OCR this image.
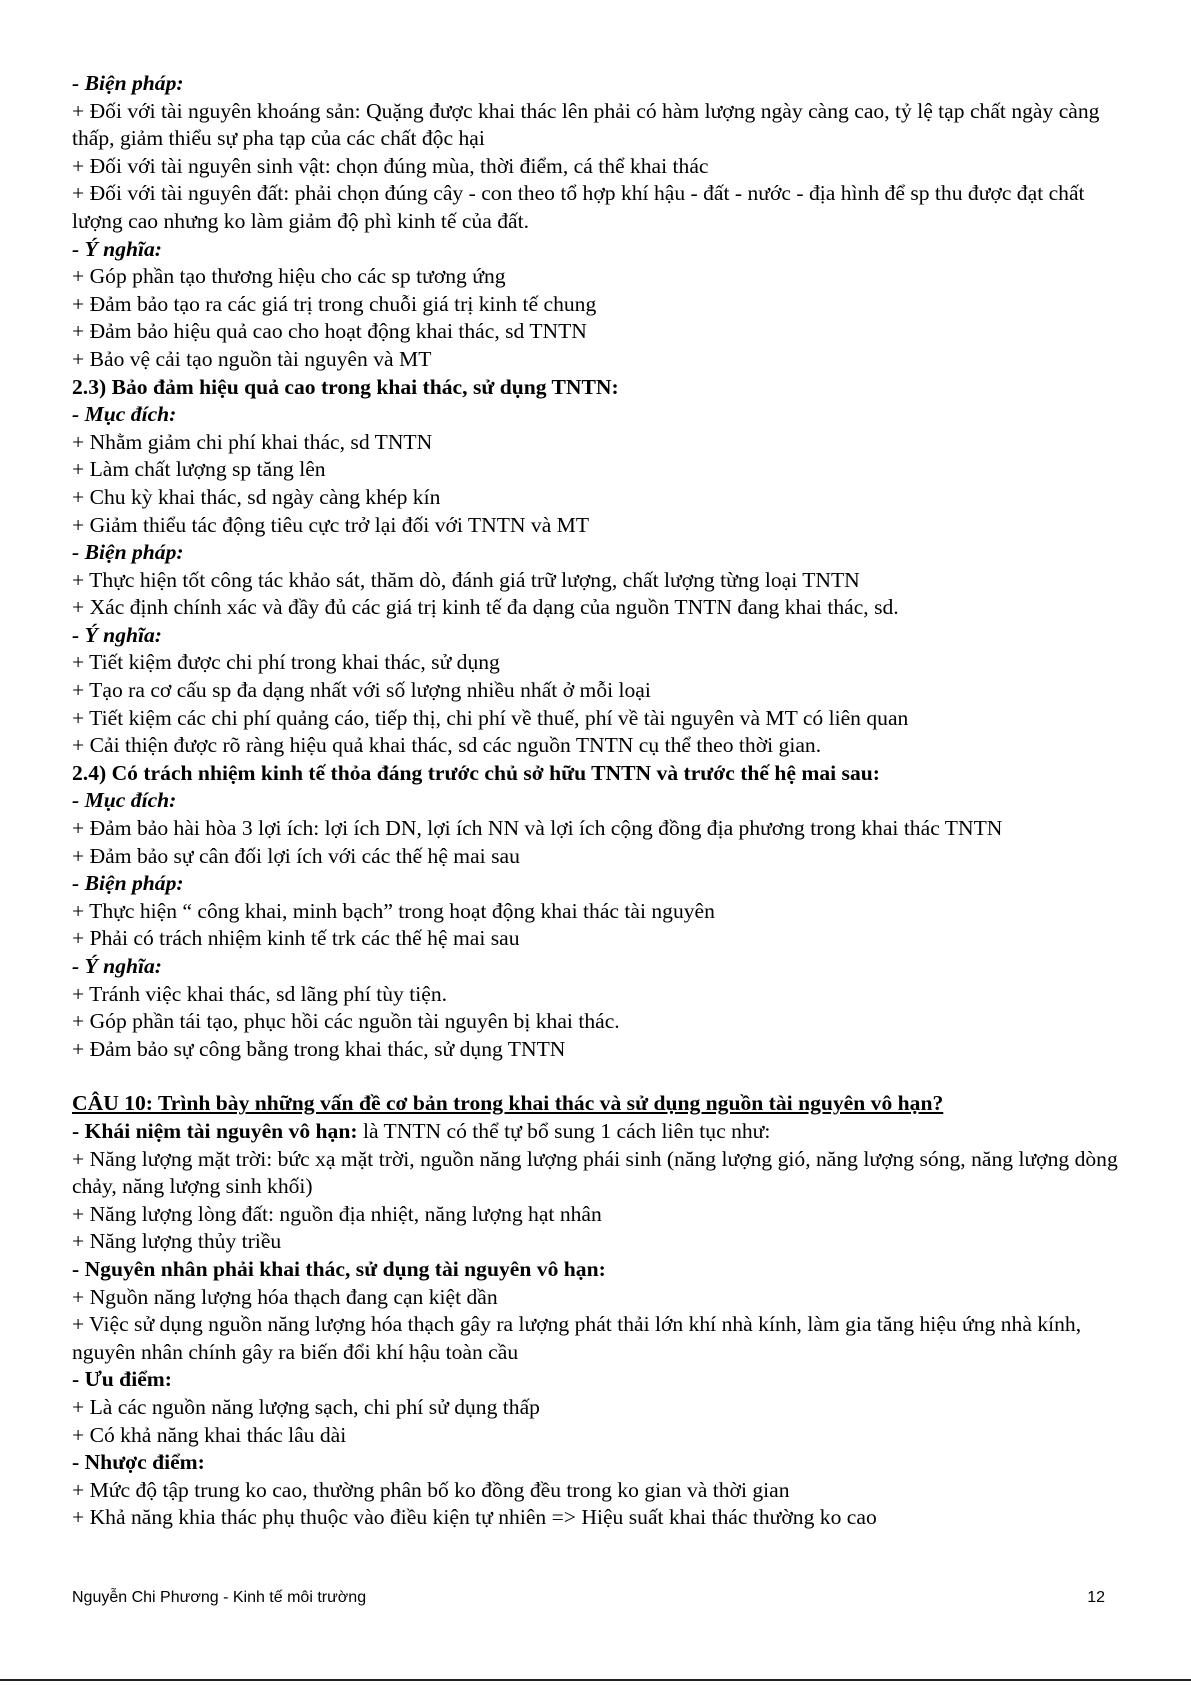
- Biện pháp:
+ Đối với tài nguyên khoáng sản: Quặng được khai thác lên phải có hàm lượng ngày càng cao, tỷ lệ tạp chất ngày càng thấp, giảm thiểu sự pha tạp của các chất độc hại
+ Đối với tài nguyên sinh vật: chọn đúng mùa, thời điểm, cá thể khai thác
+ Đối với tài nguyên đất: phải chọn đúng cây - con theo tổ hợp khí hậu - đất - nước - địa hình để sp thu được đạt chất lượng cao nhưng ko làm giảm độ phì kinh tế của đất.
- Ý nghĩa:
+ Góp phần tạo thương hiệu cho các sp tương ứng
+ Đảm bảo tạo ra các giá trị trong chuỗi giá trị kinh tế chung
+ Đảm bảo hiệu quả cao cho hoạt động khai thác, sd TNTN
+ Bảo vệ cải tạo nguồn tài nguyên và MT
2.3) Bảo đảm hiệu quả cao trong khai thác, sử dụng TNTN:
- Mục đích:
+ Nhằm giảm chi phí khai thác, sd TNTN
+ Làm chất lượng sp tăng lên
+ Chu kỳ khai thác, sd ngày càng khép kín
+ Giảm thiểu tác động tiêu cực trở lại đối với TNTN và MT
- Biện pháp:
+ Thực hiện tốt công tác khảo sát, thăm dò, đánh giá trữ lượng, chất lượng từng loại TNTN
+ Xác định chính xác và đầy đủ các giá trị kinh tế đa dạng của nguồn TNTN đang khai thác, sd.
- Ý nghĩa:
+ Tiết kiệm được chi phí trong khai thác, sử dụng
+ Tạo ra cơ cấu sp đa dạng nhất với số lượng nhiều nhất ở mỗi loại
+ Tiết kiệm các chi phí quảng cáo, tiếp thị, chi phí về thuế, phí về tài nguyên và MT có liên quan
+ Cải thiện được rõ ràng hiệu quả khai thác, sd các nguồn TNTN cụ thể theo thời gian.
2.4) Có trách nhiệm kinh tế thỏa đáng trước chủ sở hữu TNTN và trước thế hệ mai sau:
- Mục đích:
+ Đảm bảo hài hòa 3 lợi ích: lợi ích DN, lợi ích NN và lợi ích cộng đồng địa phương trong khai thác TNTN
+ Đảm bảo sự cân đối lợi ích với các thế hệ mai sau
- Biện pháp:
+ Thực hiện “ công khai, minh bạch” trong hoạt động khai thác tài nguyên
+ Phải có trách nhiệm kinh tế trk các thế hệ mai sau
- Ý nghĩa:
+ Tránh việc khai thác, sd lãng phí tùy tiện.
+ Góp phần tái tạo, phục hồi các nguồn tài nguyên bị khai thác.
+ Đảm bảo sự công bằng trong khai thác, sử dụng TNTN
CÂU 10: Trình bày những vấn đề cơ bản trong khai thác và sử dụng nguồn tài nguyên vô hạn?
- Khái niệm tài nguyên vô hạn: là TNTN có thể tự bổ sung 1 cách liên tục như:
+ Năng lượng mặt trời: bức xạ mặt trời, nguồn năng lượng phái sinh (năng lượng gió, năng lượng sóng, năng lượng dòng chảy, năng lượng sinh khối)
+ Năng lượng lòng đất: nguồn địa nhiệt, năng lượng hạt nhân
+ Năng lượng thủy triều
- Nguyên nhân phải khai thác, sử dụng tài nguyên vô hạn:
+ Nguồn năng lượng hóa thạch đang cạn kiệt dần
+ Việc sử dụng nguồn năng lượng hóa thạch gây ra lượng phát thải lớn khí nhà kính, làm gia tăng hiệu ứng nhà kính, nguyên nhân chính gây ra biến đổi khí hậu toàn cầu
- Ưu điểm:
+ Là các nguồn năng lượng sạch, chi phí sử dụng thấp
+ Có khả năng khai thác lâu dài
- Nhược điểm:
+ Mức độ tập trung ko cao, thường phân bố ko đồng đều trong ko gian và thời gian
+ Khả năng khia thác phụ thuộc vào điều kiện tự nhiên => Hiệu suất khai thác thường ko cao
Nguyễn Chi Phương - Kinh tế môi trường	12
